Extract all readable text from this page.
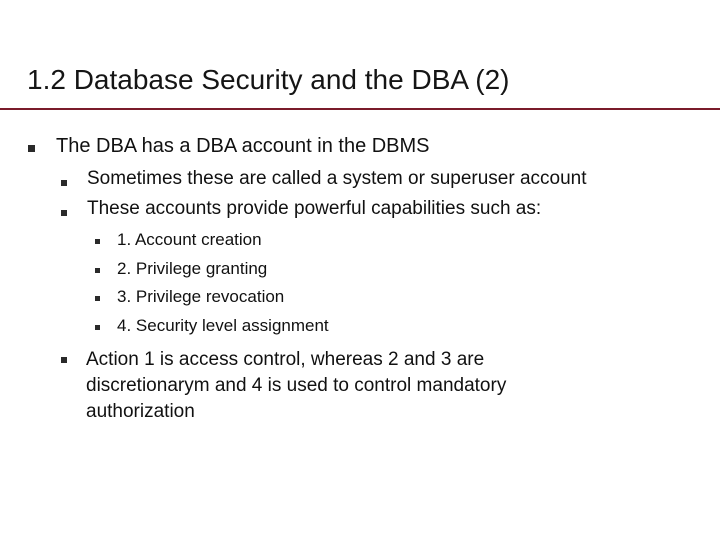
1.2 Database Security and the DBA (2)
The DBA has a DBA account in the DBMS
Sometimes these are called a system or superuser account
These accounts provide powerful capabilities such as:
1. Account creation
2. Privilege granting
3. Privilege revocation
4. Security level assignment
Action 1 is access control, whereas 2 and 3 are
discretionarym and 4 is used to control mandatory
authorization
